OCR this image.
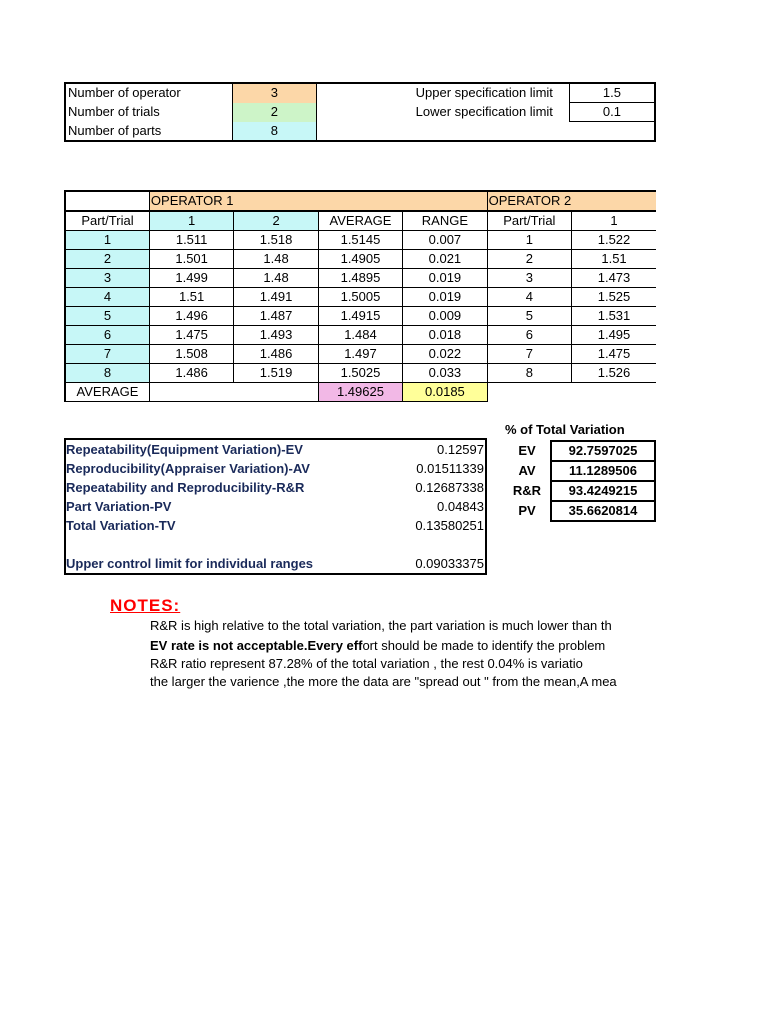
Number of operator	3		Upper specification limit	1.5
Number of trials	2		Lower specification limit	0.1
Number of parts	8			
	OPERATOR 1				OPERATOR 2	
Part/Trial	1	2	AVERAGE	RANGE	Part/Trial	1
1	1.511	1.518	1.5145	0.007	1	1.522
2	1.501	1.48	1.4905	0.021	2	1.51
3	1.499	1.48	1.4895	0.019	3	1.473
4	1.51	1.491	1.5005	0.019	4	1.525
5	1.496	1.487	1.4915	0.009	5	1.531
6	1.475	1.493	1.484	0.018	6	1.495
7	1.508	1.486	1.497	0.022	7	1.475
8	1.486	1.519	1.5025	0.033	8	1.526
AVERAGE			1.49625	0.0185		
Repeatability(Equipment Variation)-EV	0.12597
Reproducibility(Appraiser Variation)-AV	0.01511339
Repeatability and Reproducibility-R&R	0.12687338
Part Variation-PV	0.04843
Total Variation-TV	0.13580251

Upper control limit for individual ranges	0.09033375
% of Total Variation
EV	92.7597025
AV	11.1289506
R&R	93.4249215
PV	35.6620814
NOTES:
R&R is high relative to the total variation, the part variation is much lower than th
EV rate is not acceptable.Every effort should be made to identify the problem
R&R ratio represent 87.28% of the total variation , the rest 0.04% is variatio
the larger the varience ,the more the data are "spread out " from the mean,A mea
